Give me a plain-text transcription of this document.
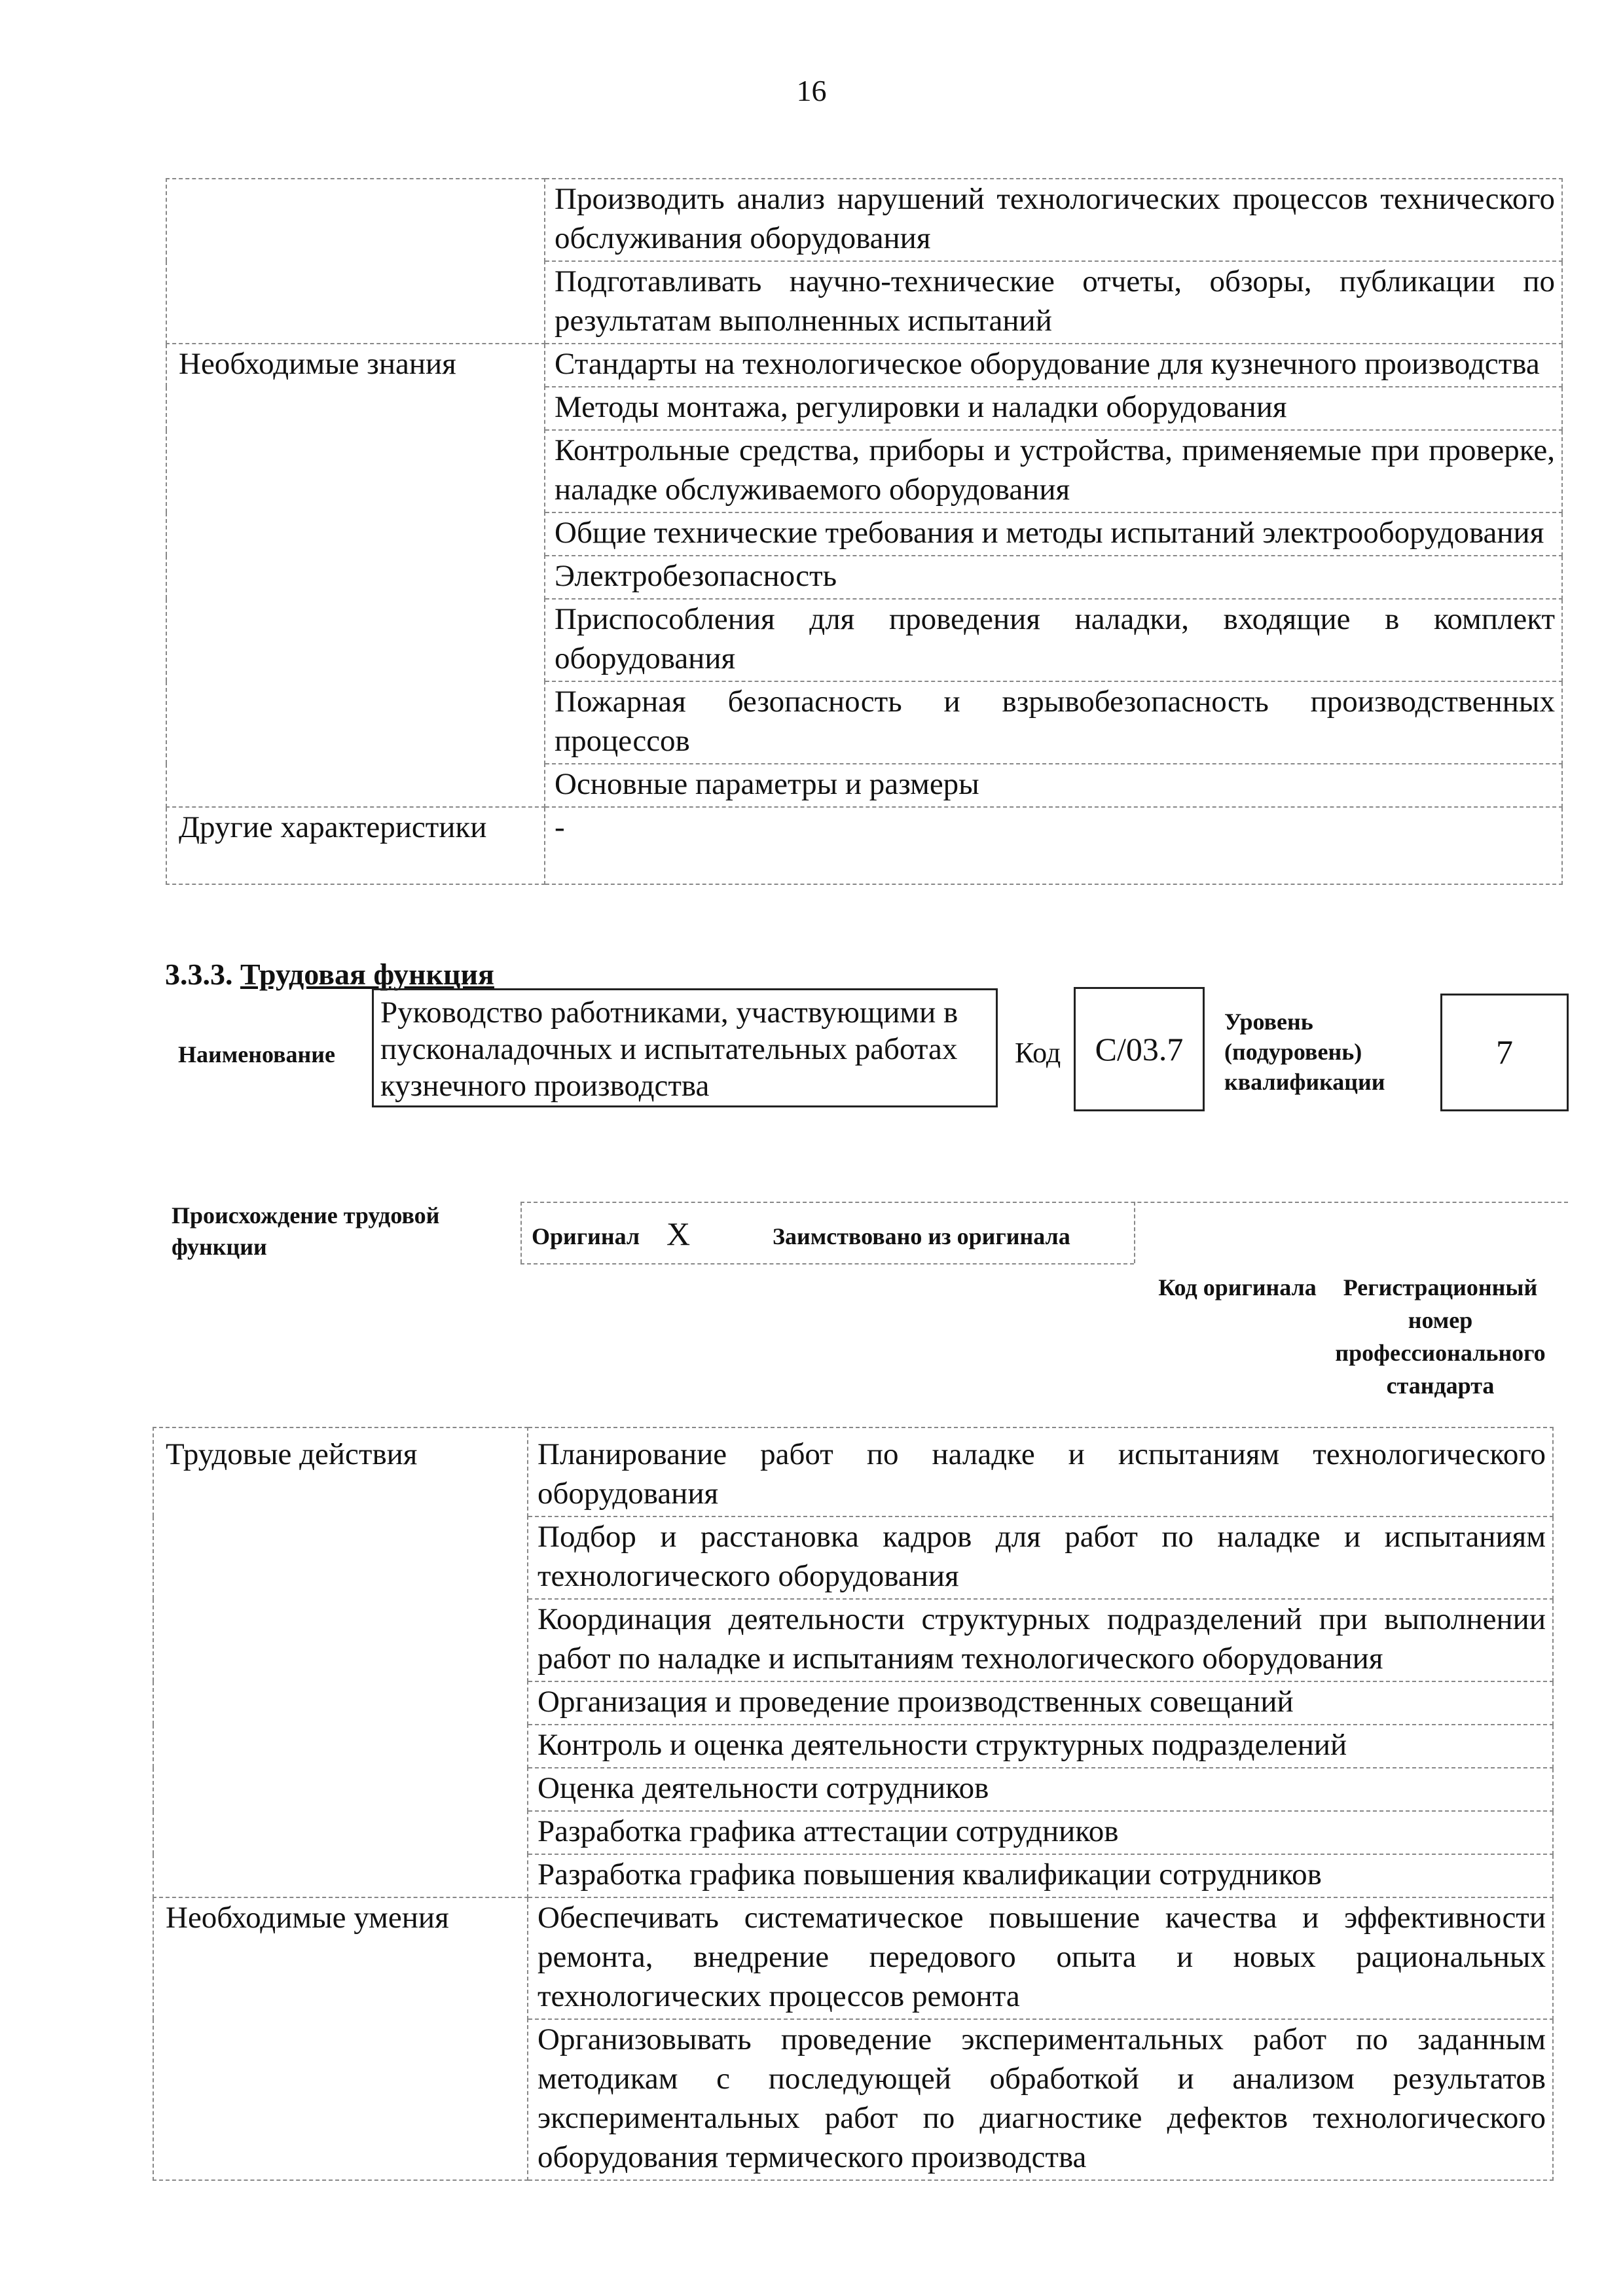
16
	Производить анализ нарушений технологических процессов технического обслуживания оборудования
	Подготавливать научно-технические отчеты, обзоры, публикации по результатам выполненных испытаний
Необходимые знания	Стандарты на технологическое оборудование для кузнечного производства
	Методы монтажа, регулировки и наладки оборудования
	Контрольные средства, приборы и устройства, применяемые при проверке, наладке обслуживаемого оборудования
	Общие технические требования и методы испытаний электрооборудования
	Электробезопасность
	Приспособления для проведения наладки, входящие в комплект оборудования
	Пожарная безопасность и взрывобезопасность производственных процессов
	Основные параметры и размеры
Другие характеристики	-
3.3.3. Трудовая функция
Наименование
Руководство работниками, участвующими в пусконаладочных и испытательных работах кузнечного производства
Код C/03.7
Уровень (подуровень) квалификации
7
Происхождение трудовой функции	Оригинал X	Заимствовано из оригинала
Код оригинала	Регистрационный номер профессионального стандарта
Трудовые действия	Планирование работ по наладке и испытаниям технологического оборудования
	Подбор и расстановка кадров для работ по наладке и испытаниям технологического оборудования
	Координация деятельности структурных подразделений при выполнении работ по наладке и испытаниям технологического оборудования
	Организация и проведение производственных совещаний
	Контроль и оценка деятельности структурных подразделений
	Оценка деятельности сотрудников
	Разработка графика аттестации сотрудников
	Разработка графика повышения квалификации сотрудников
Необходимые умения	Обеспечивать систематическое повышение качества и эффективности ремонта, внедрение передового опыта и новых рациональных технологических процессов ремонта
	Организовывать проведение экспериментальных работ по заданным методикам с последующей обработкой и анализом результатов экспериментальных работ по диагностике дефектов технологического оборудования термического производства
